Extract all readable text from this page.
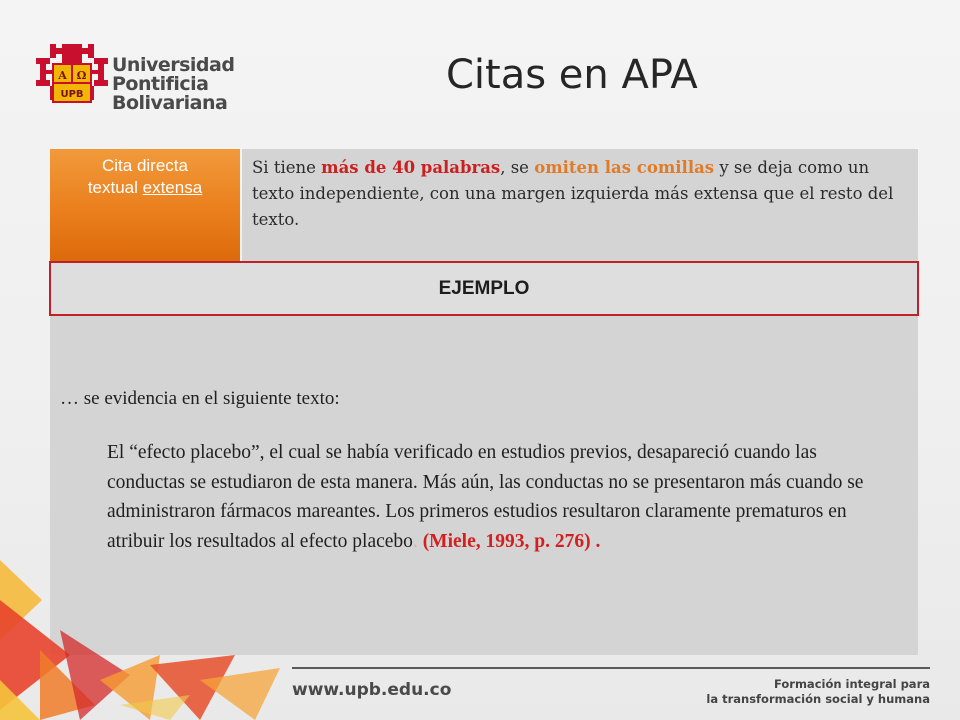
A Ω
UPB
Universidad
Pontificia
Bolivariana
Citas en APA
Cita directa
textual extensa
Si tiene más de 40 palabras, se omiten las comillas y se deja como un texto independiente, con una margen izquierda más extensa que el resto del texto.
EJEMPLO
… se evidencia en el siguiente texto:
El “efecto placebo”, el cual se había verificado en estudios previos, desapareció cuando las conductas se estudiaron de esta manera. Más aún, las conductas no se presentaron más cuando se administraron fármacos mareantes. Los primeros estudios resultaron claramente prematuros en atribuir los resultados al efecto placebo. (Miele, 1993, p. 276) .
www.upb.edu.co	Formación integral para
la transformación social y humana
